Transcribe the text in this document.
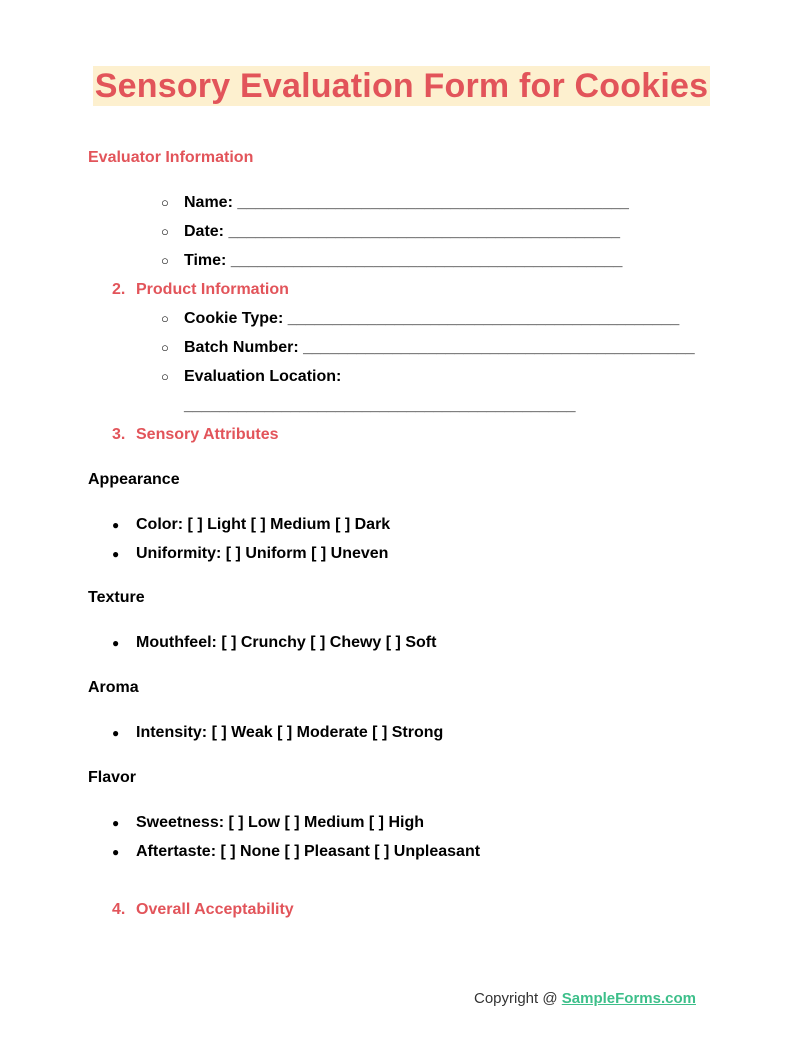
Sensory Evaluation Form for Cookies
Evaluator Information
○ Name: ____________________________________________
○ Date: ____________________________________________
○ Time: ____________________________________________
2. Product Information
○ Cookie Type: ____________________________________________
○ Batch Number: ____________________________________________
○ Evaluation Location:
____________________________________________
3. Sensory Attributes
Appearance
● Color: [ ] Light [ ] Medium [ ] Dark
● Uniformity: [ ] Uniform [ ] Uneven
Texture
● Mouthfeel: [ ] Crunchy [ ] Chewy [ ] Soft
Aroma
● Intensity: [ ] Weak [ ] Moderate [ ] Strong
Flavor
● Sweetness: [ ] Low [ ] Medium [ ] High
● Aftertaste: [ ] None [ ] Pleasant [ ] Unpleasant
4. Overall Acceptability
Copyright @ SampleForms.com
